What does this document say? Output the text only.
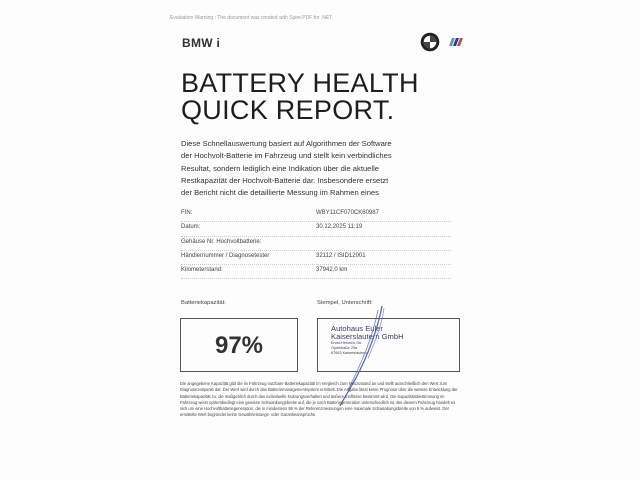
Evaluation Warning : The document was created with Spire.PDF for .NET.
BMW i
BATTERY HEALTH
QUICK REPORT.
Diese Schnellauswertung basiert auf Algorithmen der Software der Hochvolt-Batterie im Fahrzeug und stellt kein verbindliches Resultat, sondern lediglich eine Indikation über die aktuelle Restkapazität der Hochvolt-Batterie dar. Insbesondere ersetzt der Bericht nicht die detaillierte Messung im Rahmen eines
FIN:	WBY11CF070CK60987
Datum:	30.12.2025 11:19
Gehäuse Nr. Hochvoltbatterie:
Händlernummer / Diagnosetester	32112 / ISID12001
Kilometerstand:	37942,0 km
Batteriekapazität:	Stempel, Unterschrift:
97%
Autohaus Euler
Kaiserslautern GmbH
Ernst-Heinrich-Str.
Opelstraße 29a
67663 Kaiserslautern
Die angegebene Kapazität gibt die im Fahrzeug nutzbare Batteriekapazität im Vergleich zum Neuzustand an und stellt ausschließlich den Wert zum Diagnosezeitpunkt dar. Der Wert wird durch das Batteriemanagementsystem ermittelt. Die Angabe lässt keine Prognose über die weitere Entwicklung der Batteriekapazität zu, die maßgeblich durch das individuelle Nutzungsverhalten und äußere Einflüsse bestimmt wird. Die Kapazitätsbestimmung im Fahrzeug weist systembedingt eine gewisse Schwankungsbreite auf, die je nach Batteriegeneration unterschiedlich ist. Bei diesem Fahrzeug handelt es sich um eine Hochvoltbatteriegeneration, die in mindestens 95 % der Referenzmessungen eine maximale Schwankungsbreite von 5 % aufweist. Der ermittelte Wert begründet keine Gewährleistungs- oder Garantieansprüche.
